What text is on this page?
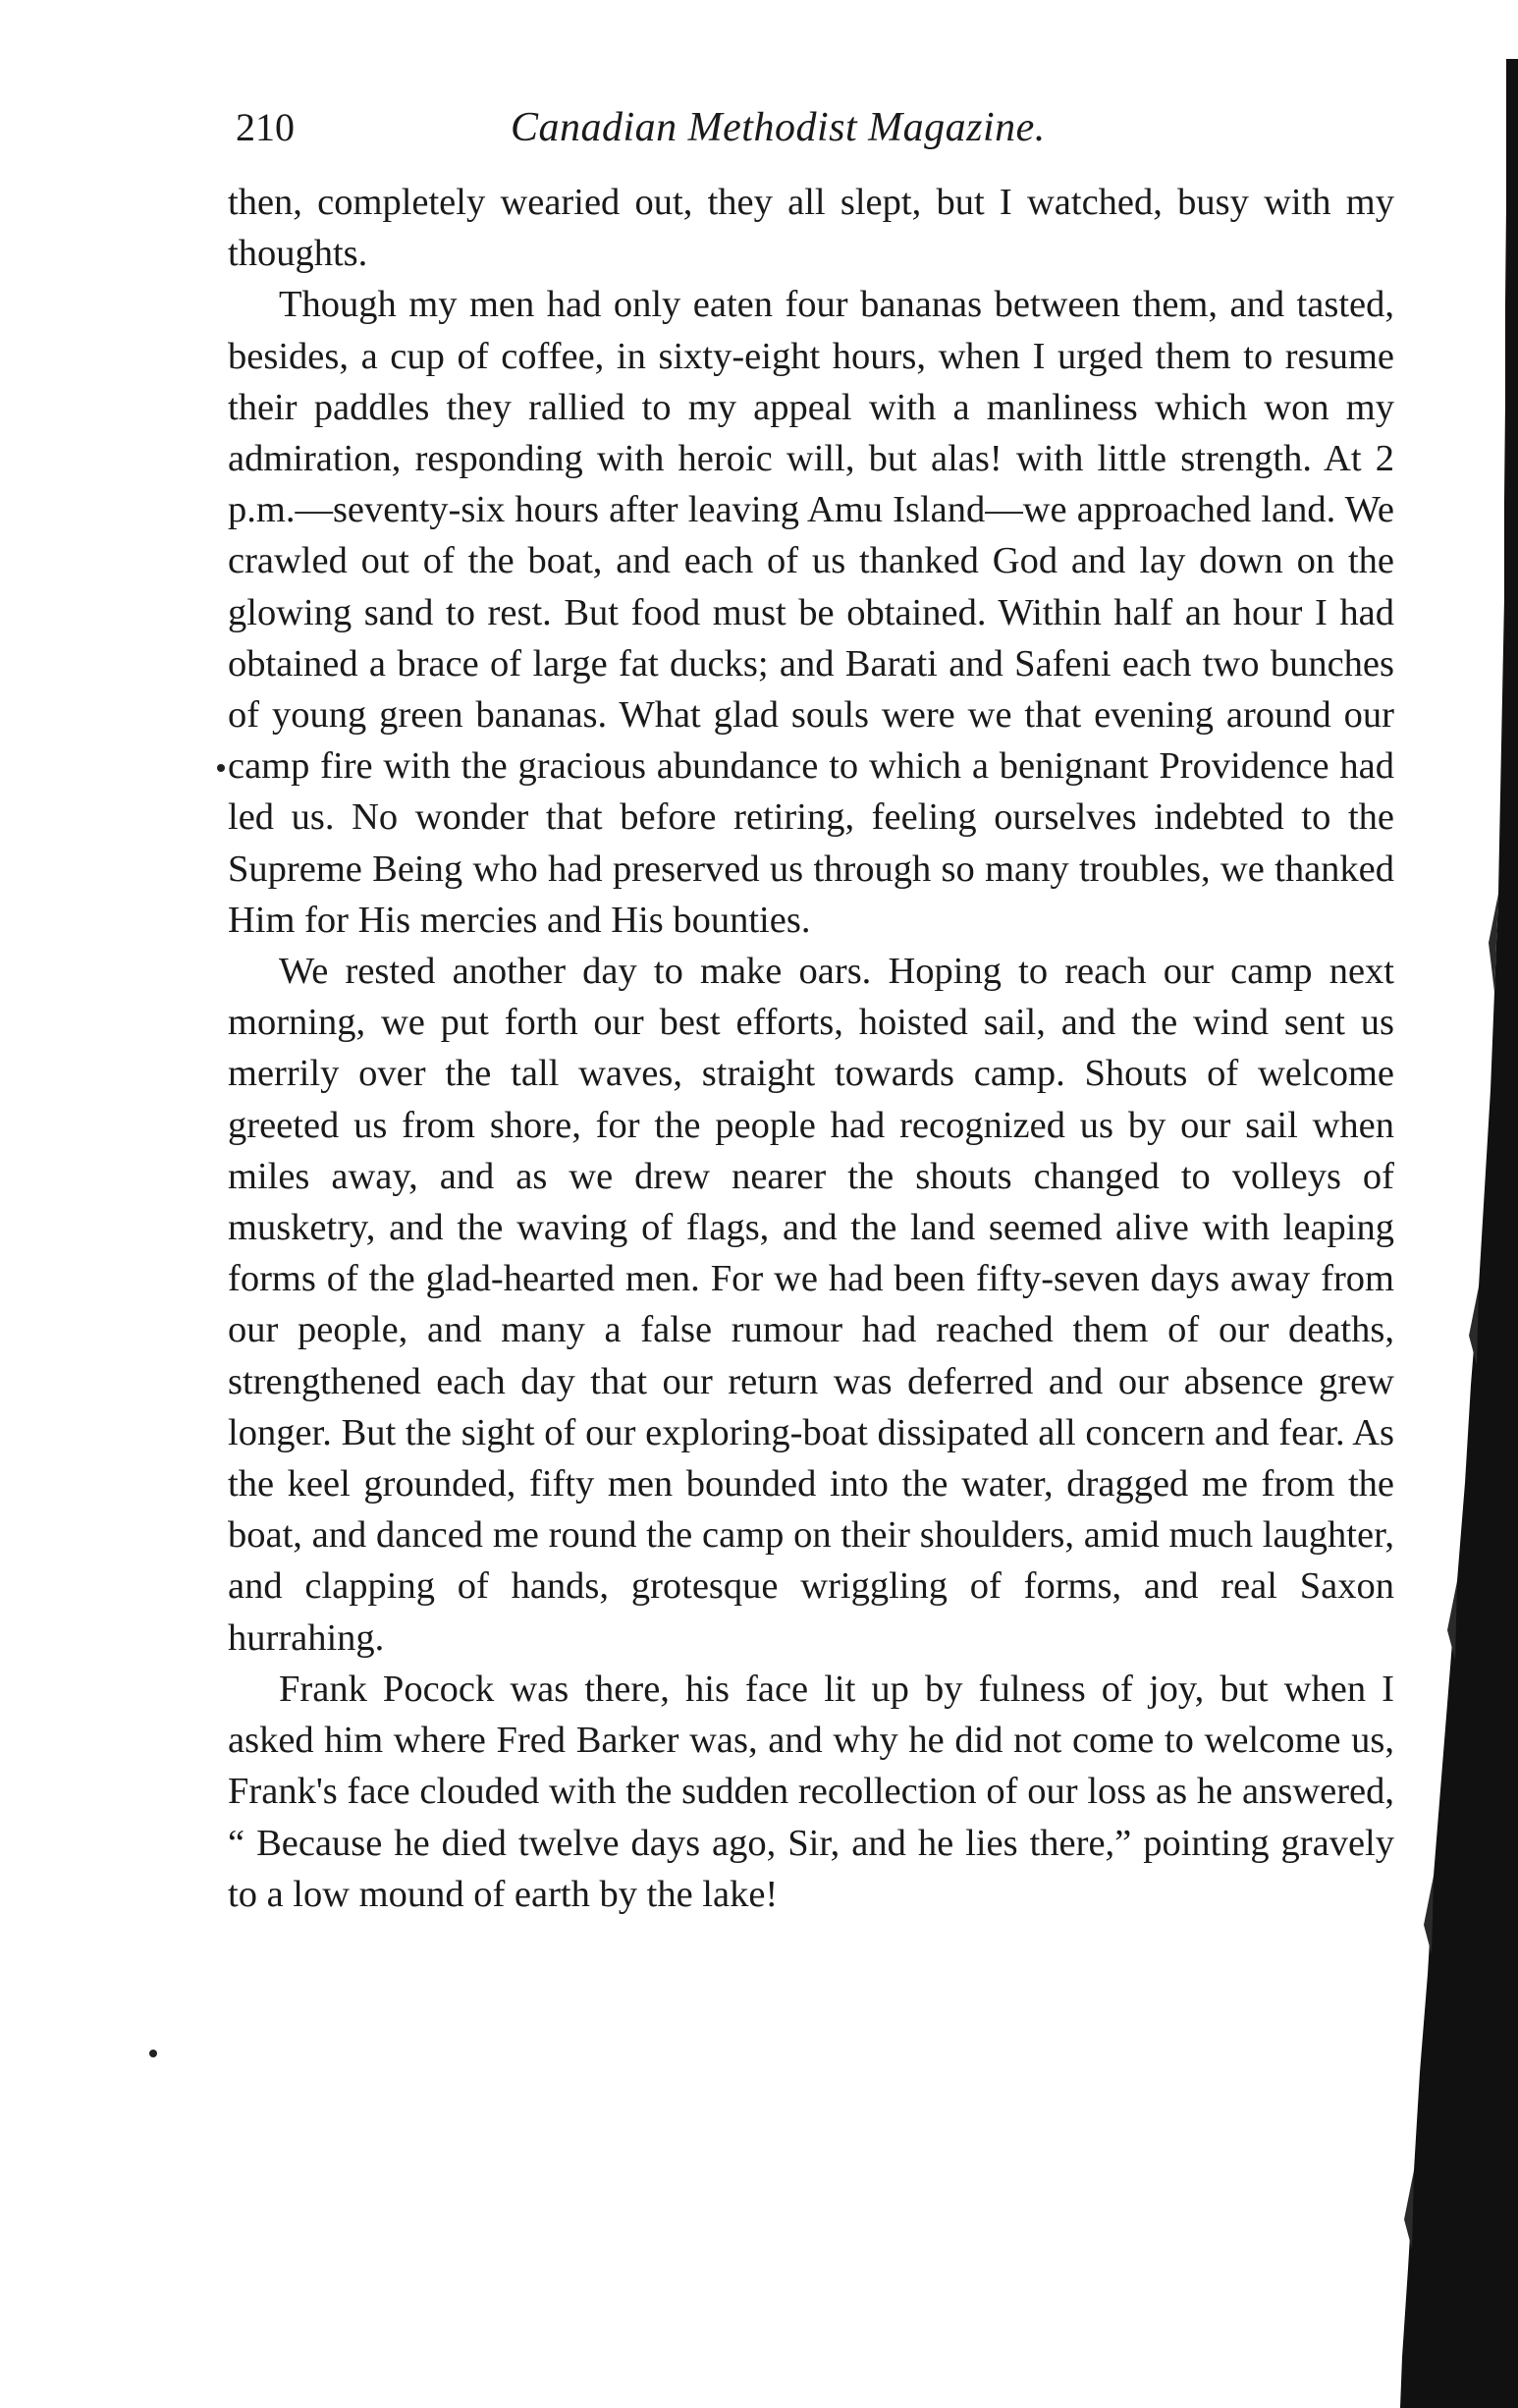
210	Canadian Methodist Magazine.

then, completely wearied out, they all slept, but I watched, busy with my thoughts.

Though my men had only eaten four bananas between them, and tasted, besides, a cup of coffee, in sixty-eight hours, when I urged them to resume their paddles they rallied to my appeal with a manliness which won my admiration, responding with heroic will, but alas! with little strength. At 2 p.m.—seventy-six hours after leaving Amu Island—we approached land. We crawled out of the boat, and each of us thanked God and lay down on the glowing sand to rest. But food must be obtained. Within half an hour I had obtained a brace of large fat ducks; and Barati and Safeni each two bunches of young green bananas. What glad souls were we that evening around our camp fire with the gracious abundance to which a benignant Providence had led us. No wonder that before retiring, feeling ourselves indebted to the Supreme Being who had preserved us through so many troubles, we thanked Him for His mercies and His bounties.

We rested another day to make oars. Hoping to reach our camp next morning, we put forth our best efforts, hoisted sail, and the wind sent us merrily over the tall waves, straight towards camp. Shouts of welcome greeted us from shore, for the people had recognized us by our sail when miles away, and as we drew nearer the shouts changed to volleys of musketry, and the waving of flags, and the land seemed alive with leaping forms of the glad-hearted men. For we had been fifty-seven days away from our people, and many a false rumour had reached them of our deaths, strengthened each day that our return was deferred and our absence grew longer. But the sight of our exploring-boat dissipated all concern and fear. As the keel grounded, fifty men bounded into the water, dragged me from the boat, and danced me round the camp on their shoulders, amid much laughter, and clapping of hands, grotesque wriggling of forms, and real Saxon hurrahing.

Frank Pocock was there, his face lit up by fulness of joy, but when I asked him where Fred Barker was, and why he did not come to welcome us, Frank's face clouded with the sudden recollection of our loss as he answered, “ Because he died twelve days ago, Sir, and he lies there,” pointing gravely to a low mound of earth by the lake!
